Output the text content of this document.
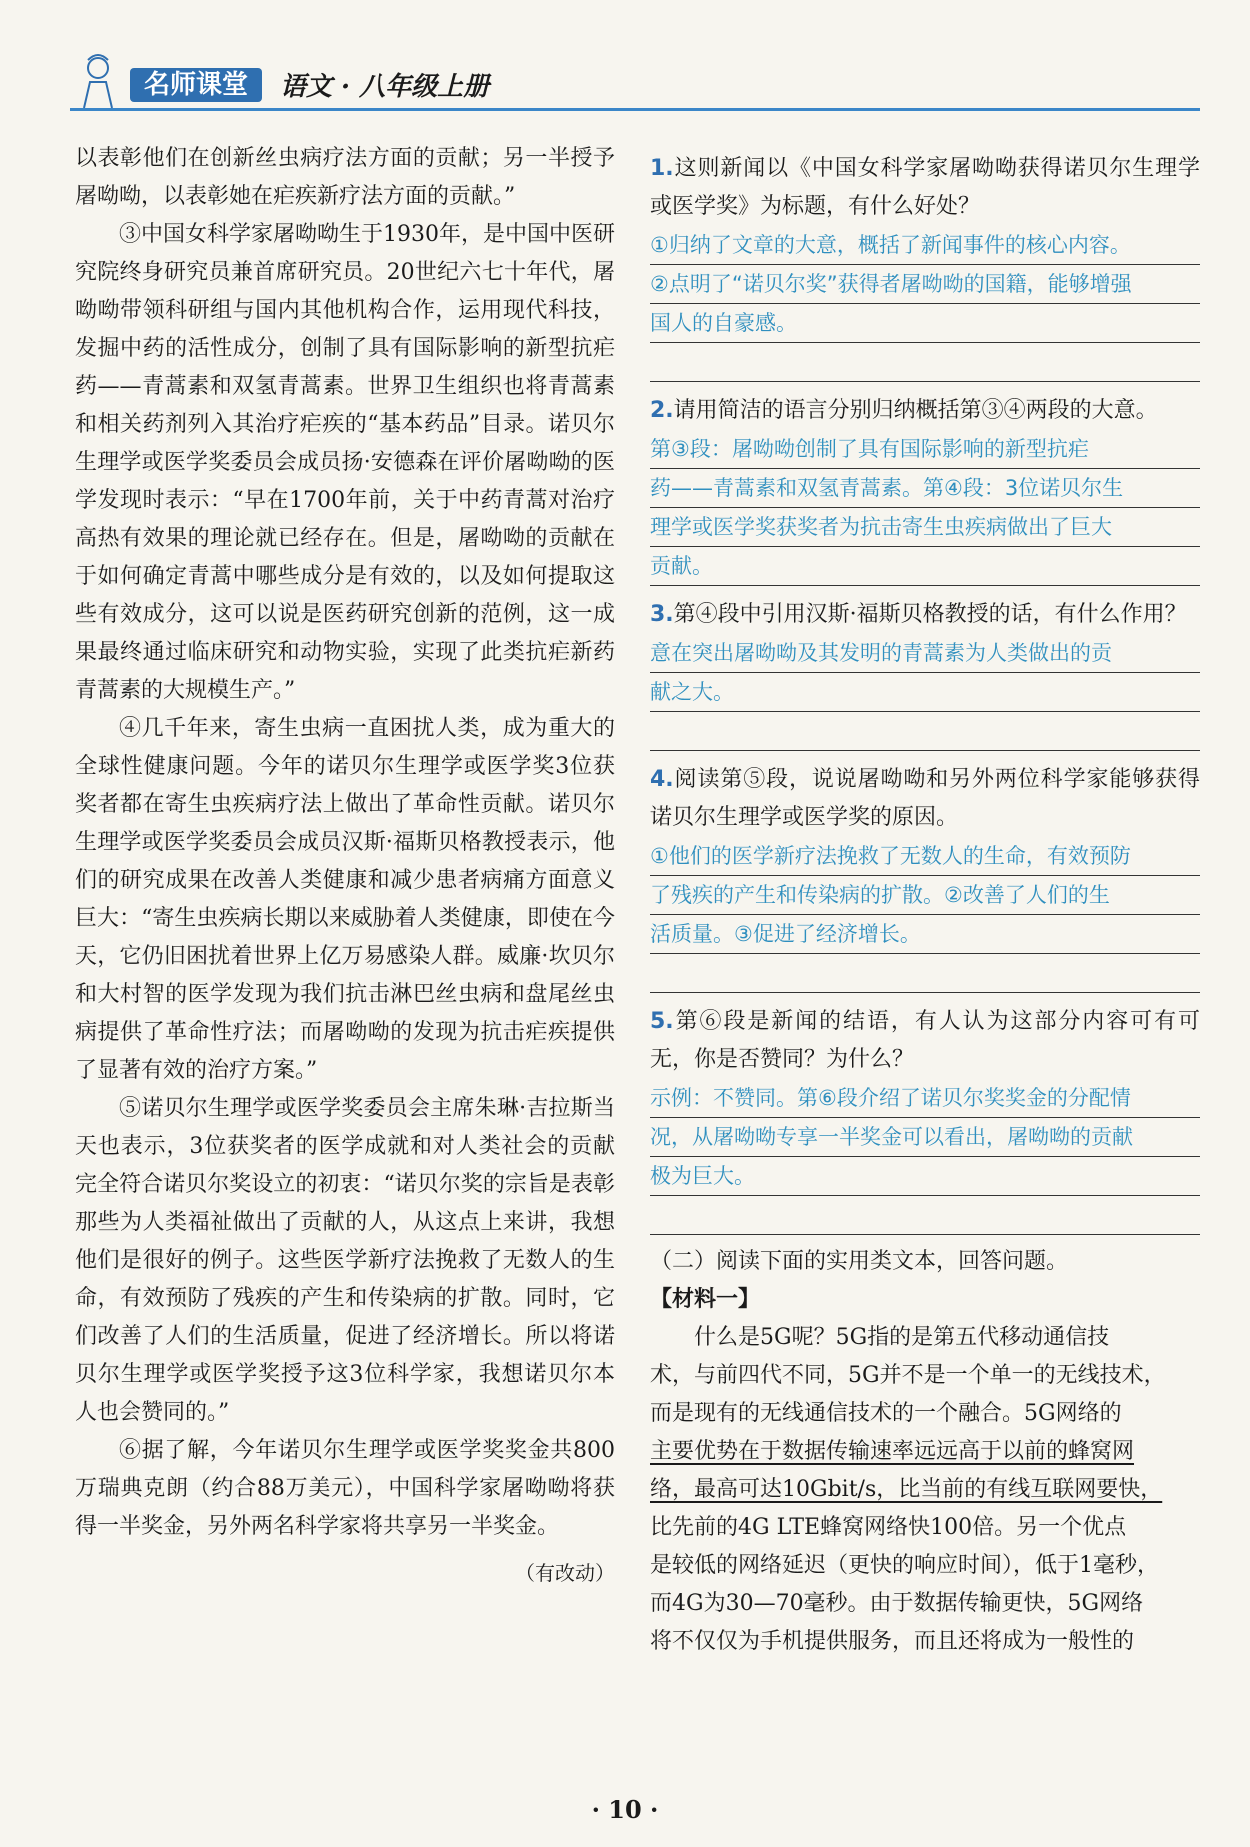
名师课堂	语文 · 八年级上册

以表彰他们在创新丝虫病疗法方面的贡献；另一半授予屠呦呦，以表彰她在疟疾新疗法方面的贡献。”

③中国女科学家屠呦呦生于1930年，是中国中医研究院终身研究员兼首席研究员。20世纪六七十年代，屠呦呦带领科研组与国内其他机构合作，运用现代科技，发掘中药的活性成分，创制了具有国际影响的新型抗疟药——青蒿素和双氢青蒿素。世界卫生组织也将青蒿素和相关药剂列入其治疗疟疾的“基本药品”目录。诺贝尔生理学或医学奖委员会成员扬·安德森在评价屠呦呦的医学发现时表示：“早在1700年前，关于中药青蒿对治疗高热有效果的理论就已经存在。但是，屠呦呦的贡献在于如何确定青蒿中哪些成分是有效的，以及如何提取这些有效成分，这可以说是医药研究创新的范例，这一成果最终通过临床研究和动物实验，实现了此类抗疟新药青蒿素的大规模生产。”

④几千年来，寄生虫病一直困扰人类，成为重大的全球性健康问题。今年的诺贝尔生理学或医学奖3位获奖者都在寄生虫疾病疗法上做出了革命性贡献。诺贝尔生理学或医学奖委员会成员汉斯·福斯贝格教授表示，他们的研究成果在改善人类健康和减少患者病痛方面意义巨大：“寄生虫疾病长期以来威胁着人类健康，即使在今天，它仍旧困扰着世界上亿万易感染人群。威廉·坎贝尔和大村智的医学发现为我们抗击淋巴丝虫病和盘尾丝虫病提供了革命性疗法；而屠呦呦的发现为抗击疟疾提供了显著有效的治疗方案。”

⑤诺贝尔生理学或医学奖委员会主席朱琳·吉拉斯当天也表示，3位获奖者的医学成就和对人类社会的贡献完全符合诺贝尔奖设立的初衷：“诺贝尔奖的宗旨是表彰那些为人类福祉做出了贡献的人，从这点上来讲，我想他们是很好的例子。这些医学新疗法挽救了无数人的生命，有效预防了残疾的产生和传染病的扩散。同时，它们改善了人们的生活质量，促进了经济增长。所以将诺贝尔生理学或医学奖授予这3位科学家，我想诺贝尔本人也会赞同的。”

⑥据了解，今年诺贝尔生理学或医学奖奖金共800万瑞典克朗（约合88万美元），中国科学家屠呦呦将获得一半奖金，另外两名科学家将共享另一半奖金。

（有改动）

1.这则新闻以《中国女科学家屠呦呦获得诺贝尔生理学或医学奖》为标题，有什么好处？

①归纳了文章的大意，概括了新闻事件的核心内容。
②点明了“诺贝尔奖”获得者屠呦呦的国籍，能够增强
国人的自豪感。

2.请用简洁的语言分别归纳概括第③④两段的大意。

第③段：屠呦呦创制了具有国际影响的新型抗疟
药——青蒿素和双氢青蒿素。第④段：3位诺贝尔生
理学或医学奖获奖者为抗击寄生虫疾病做出了巨大
贡献。

3.第④段中引用汉斯·福斯贝格教授的话，有什么作用？

意在突出屠呦呦及其发明的青蒿素为人类做出的贡
献之大。

4.阅读第⑤段，说说屠呦呦和另外两位科学家能够获得诺贝尔生理学或医学奖的原因。

①他们的医学新疗法挽救了无数人的生命，有效预防
了残疾的产生和传染病的扩散。②改善了人们的生
活质量。③促进了经济增长。

5.第⑥段是新闻的结语，有人认为这部分内容可有可无，你是否赞同？为什么？

示例：不赞同。第⑥段介绍了诺贝尔奖奖金的分配情
况，从屠呦呦专享一半奖金可以看出，屠呦呦的贡献
极为巨大。

（二）阅读下面的实用类文本，回答问题。

【材料一】

什么是5G呢？5G指的是第五代移动通信技

术，与前四代不同，5G并不是一个单一的无线技术，

而是现有的无线通信技术的一个融合。5G网络的

主要优势在于数据传输速率远远高于以前的蜂窝网

络，最高可达10Gbit/s，比当前的有线互联网要快，

比先前的4G LTE蜂窝网络快100倍。另一个优点

是较低的网络延迟（更快的响应时间），低于1毫秒，

而4G为30—70毫秒。由于数据传输更快，5G网络

将不仅仅为手机提供服务，而且还将成为一般性的

· 10 ·
